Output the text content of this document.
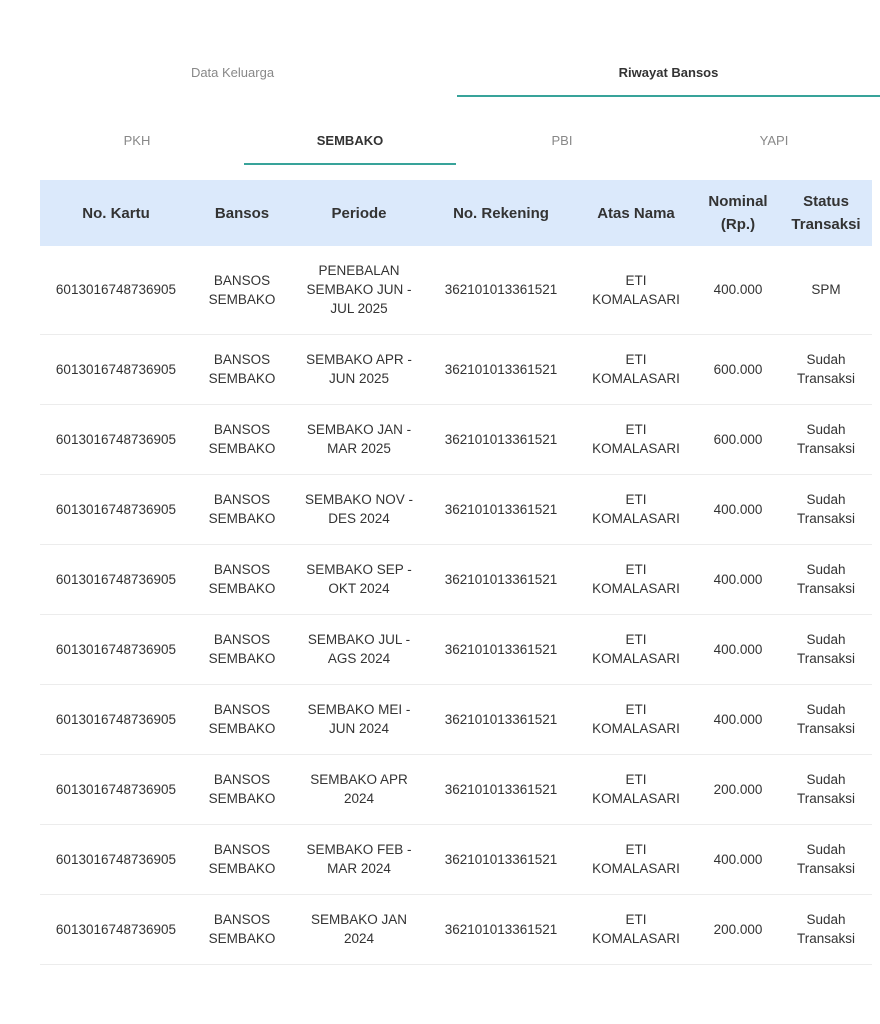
Data Keluarga	Riwayat Bansos
PKH	SEMBAKO	PBI	YAPI
No. Kartu	Bansos	Periode	No. Rekening	Atas Nama	Nominal (Rp.)	Status Transaksi
6013016748736905	BANSOS SEMBAKO	PENEBALAN SEMBAKO JUN - JUL 2025	362101013361521	ETI KOMALASARI	400.000	SPM
6013016748736905	BANSOS SEMBAKO	SEMBAKO APR - JUN 2025	362101013361521	ETI KOMALASARI	600.000	Sudah Transaksi
6013016748736905	BANSOS SEMBAKO	SEMBAKO JAN - MAR 2025	362101013361521	ETI KOMALASARI	600.000	Sudah Transaksi
6013016748736905	BANSOS SEMBAKO	SEMBAKO NOV - DES 2024	362101013361521	ETI KOMALASARI	400.000	Sudah Transaksi
6013016748736905	BANSOS SEMBAKO	SEMBAKO SEP - OKT 2024	362101013361521	ETI KOMALASARI	400.000	Sudah Transaksi
6013016748736905	BANSOS SEMBAKO	SEMBAKO JUL - AGS 2024	362101013361521	ETI KOMALASARI	400.000	Sudah Transaksi
6013016748736905	BANSOS SEMBAKO	SEMBAKO MEI - JUN 2024	362101013361521	ETI KOMALASARI	400.000	Sudah Transaksi
6013016748736905	BANSOS SEMBAKO	SEMBAKO APR 2024	362101013361521	ETI KOMALASARI	200.000	Sudah Transaksi
6013016748736905	BANSOS SEMBAKO	SEMBAKO FEB - MAR 2024	362101013361521	ETI KOMALASARI	400.000	Sudah Transaksi
6013016748736905	BANSOS SEMBAKO	SEMBAKO JAN 2024	362101013361521	ETI KOMALASARI	200.000	Sudah Transaksi
